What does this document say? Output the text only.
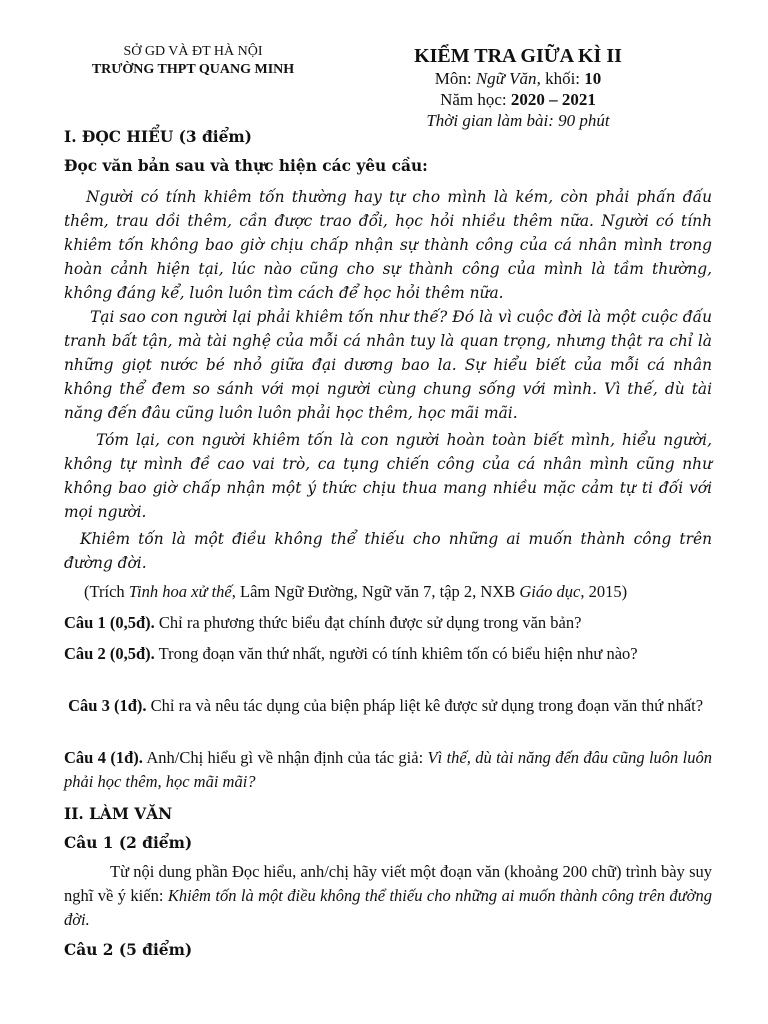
SỞ GD VÀ ĐT HÀ NỘI
TRƯỜNG THPT QUANG MINH
KIỂM TRA GIỮA KÌ II
Môn: Ngữ Văn, khối: 10
Năm học: 2020 – 2021
Thời gian làm bài: 90 phút
I. ĐỌC HIỂU (3 điểm)
Đọc văn bản sau và thực hiện các yêu cầu:
Người có tính khiêm tốn thường hay tự cho mình là kém, còn phải phấn đấu thêm, trau dồi thêm, cần được trao đổi, học hỏi nhiều thêm nữa. Người có tính khiêm tốn không bao giờ chịu chấp nhận sự thành công của cá nhân mình trong hoàn cảnh hiện tại, lúc nào cũng cho sự thành công của mình là tầm thường, không đáng kể, luôn luôn tìm cách để học hỏi thêm nữa.
Tại sao con người lại phải khiêm tốn như thế? Đó là vì cuộc đời là một cuộc đấu tranh bất tận, mà tài nghệ của mỗi cá nhân tuy là quan trọng, nhưng thật ra chỉ là những giọt nước bé nhỏ giữa đại dương bao la. Sự hiểu biết của mỗi cá nhân không thể đem so sánh với mọi người cùng chung sống với mình. Vì thế, dù tài năng đến đâu cũng luôn luôn phải học thêm, học mãi mãi.
Tóm lại, con người khiêm tốn là con người hoàn toàn biết mình, hiểu người, không tự mình đề cao vai trò, ca tụng chiến công của cá nhân mình cũng như không bao giờ chấp nhận một ý thức chịu thua mang nhiều mặc cảm tự ti đối với mọi người.
Khiêm tốn là một điều không thể thiếu cho những ai muốn thành công trên đường đời.
(Trích Tinh hoa xử thế, Lâm Ngữ Đường, Ngữ văn 7, tập 2, NXB Giáo dục, 2015)
Câu 1 (0,5đ). Chỉ ra phương thức biểu đạt chính được sử dụng trong văn bản?
Câu 2 (0,5đ). Trong đoạn văn thứ nhất, người có tính khiêm tốn có biểu hiện như nào?
Câu 3 (1đ). Chỉ ra và nêu tác dụng của biện pháp liệt kê được sử dụng trong đoạn văn thứ nhất?
Câu 4 (1đ). Anh/Chị hiểu gì về nhận định của tác giả: Vì thế, dù tài năng đến đâu cũng luôn luôn phải học thêm, học mãi mãi?
II. LÀM VĂN
Câu 1 (2 điểm)
Từ nội dung phần Đọc hiểu, anh/chị hãy viết một đoạn văn (khoảng 200 chữ) trình bày suy nghĩ về ý kiến: Khiêm tốn là một điều không thể thiếu cho những ai muốn thành công trên đường đời.
Câu 2 (5 điểm)
